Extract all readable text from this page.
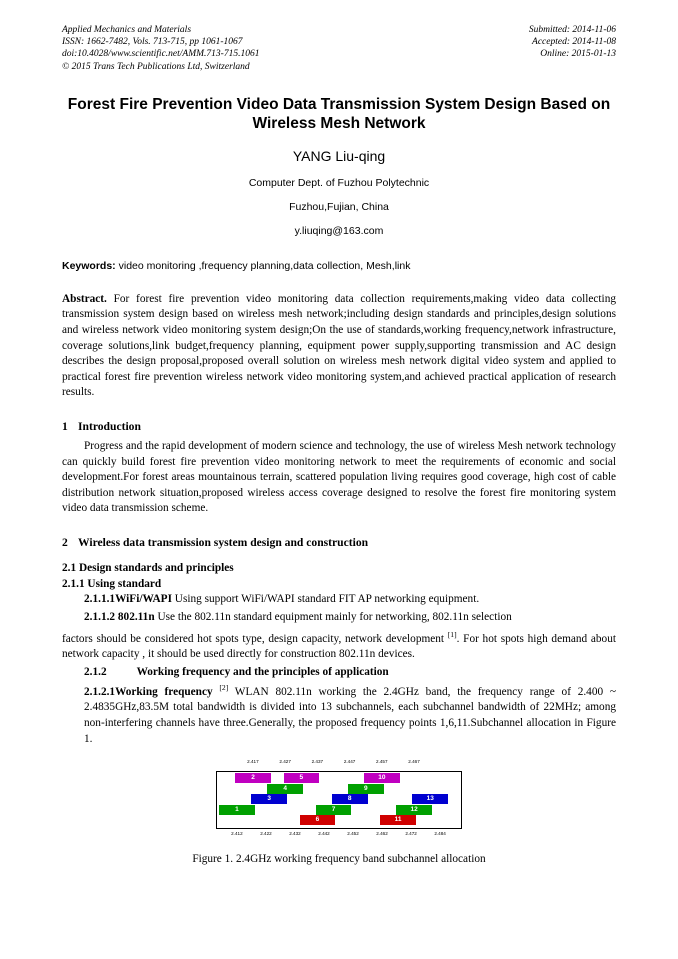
Applied Mechanics and Materials
ISSN: 1662-7482, Vols. 713-715, pp 1061-1067
doi:10.4028/www.scientific.net/AMM.713-715.1061
© 2015 Trans Tech Publications Ltd, Switzerland
Submitted: 2014-11-06
Accepted: 2014-11-08
Online: 2015-01-13
Forest Fire Prevention Video Data Transmission System Design Based on Wireless Mesh Network
YANG Liu-qing
Computer Dept. of Fuzhou Polytechnic
Fuzhou,Fujian, China
y.liuqing@163.com
Keywords: video monitoring ,frequency planning,data collection, Mesh,link
Abstract. For forest fire prevention video monitoring data collection requirements,making video data collecting transmission system design based on wireless mesh network;including design standards and principles,design solutions and wireless network video monitoring system design;On the use of standards,working frequency,network infrastructure, coverage solutions,link budget,frequency planning, equipment power supply,supporting transmission and AC design describes the design proposal,proposed overall solution on wireless mesh network digital video system and applied to practical forest fire prevention wireless network video monitoring system,and achieved practical application of research results.
1 Introduction
Progress and the rapid development of modern science and technology, the use of wireless Mesh network technology can quickly build forest fire prevention video monitoring network to meet the requirements of economic and social development.For forest areas mountainous terrain, scattered population living requires good coverage, high cost of cable distribution network situation,proposed wireless access coverage designed to resolve the forest fire monitoring system video data transmission scheme.
2 Wireless data transmission system design and construction
2.1 Design standards and principles
2.1.1 Using standard
2.1.1.1WiFi/WAPI Using support WiFi/WAPI standard FIT AP networking equipment.
2.1.1.2 802.11n Use the 802.11n standard equipment mainly for networking, 802.11n selection
factors should be considered hot spots type, design capacity, network development [1]. For hot spots high demand about network capacity , it should be used directly for construction 802.11n devices.
2.1.2	Working frequency and the principles of application
2.1.2.1Working frequency [2] WLAN 802.11n working the 2.4GHz band, the frequency range of 2.400 ~ 2.4835GHz,83.5M total bandwidth is divided into 13 subchannels, each subchannel bandwidth of 22MHz; among non-interfering channels have three.Generally, the proposed frequency points 1,6,11.Subchannel allocation in Figure 1.
2	5	10
4	9
3	8	13
1	7	12
6	11
2.417	2.427	2.437	2.447	2.457	2.467
2.412	2.422	2.432	2.442	2.452	2.462	2.472	2.484
Figure 1. 2.4GHz working frequency band subchannel allocation
